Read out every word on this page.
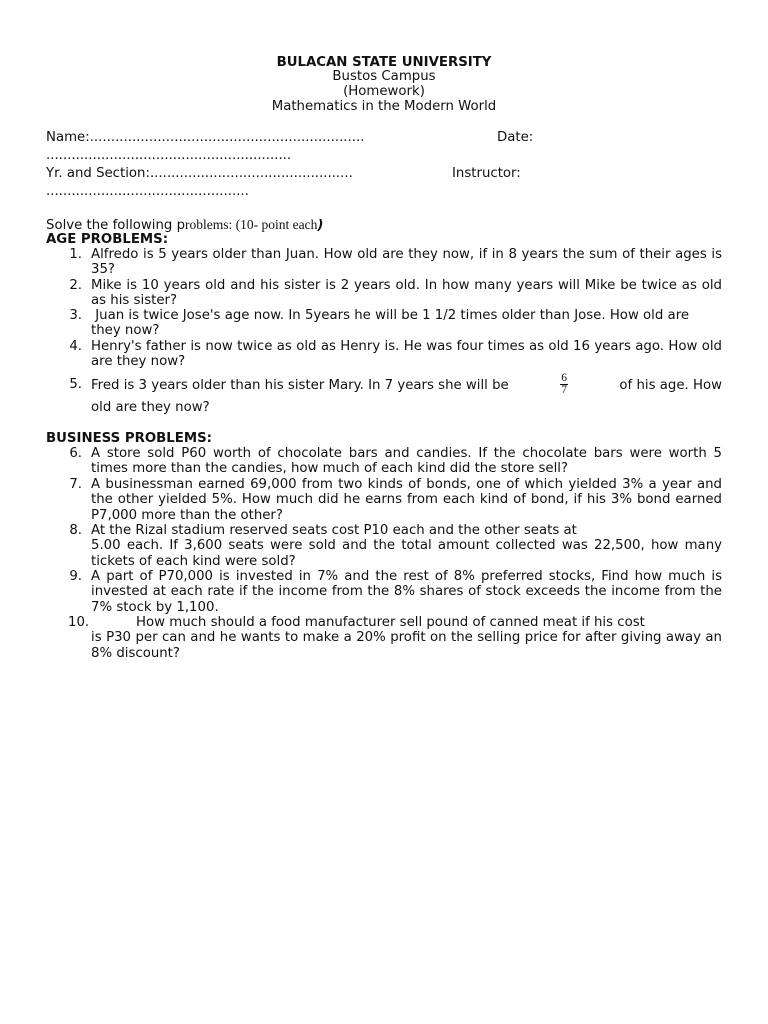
BULACAN STATE UNIVERSITY
Bustos Campus
(Homework)
Mathematics in the Modern World
Name:.................................................................	Date:
..........................................................
Yr. and Section:................................................	Instructor:
................................................
Solve the following problems: (10- point each)
AGE PROBLEMS:
1. Alfredo is 5 years older than Juan. How old are they now, if in 8 years the sum of their ages is 35?
2. Mike is 10 years old and his sister is 2 years old. In how many years will Mike be twice as old as his sister?
3. Juan is twice Jose's age now. In 5years he will be 1 1/2 times older than Jose. How old are they now?
4. Henry's father is now twice as old as Henry is. He was four times as old 16 years ago. How old are they now?
5. Fred is 3 years older than his sister Mary. In 7 years she will be	$\frac{6}{7}$	of his age. How
old are they now?
BUSINESS PROBLEMS:
6. A store sold P60 worth of chocolate bars and candies. If the chocolate bars were worth 5 times more than the candies, how much of each kind did the store sell?
7. A businessman earned 69,000 from two kinds of bonds, one of which yielded 3% a year and the other yielded 5%. How much did he earns from each kind of bond, if his 3% bond earned P7,000 more than the other?
8. At the Rizal stadium reserved seats cost P10 each and the other seats at
5.00 each. If 3,600 seats were sold and the total amount collected was 22,500, how many tickets of each kind were sold?
9. A part of P70,000 is invested in 7% and the rest of 8% preferred stocks, Find how much is invested at each rate if the income from the 8% shares of stock exceeds the income from the 7% stock by 1,100.
10.	How much should a food manufacturer sell pound of canned meat if his cost
is P30 per can and he wants to make a 20% profit on the selling price for after giving away an 8% discount?
